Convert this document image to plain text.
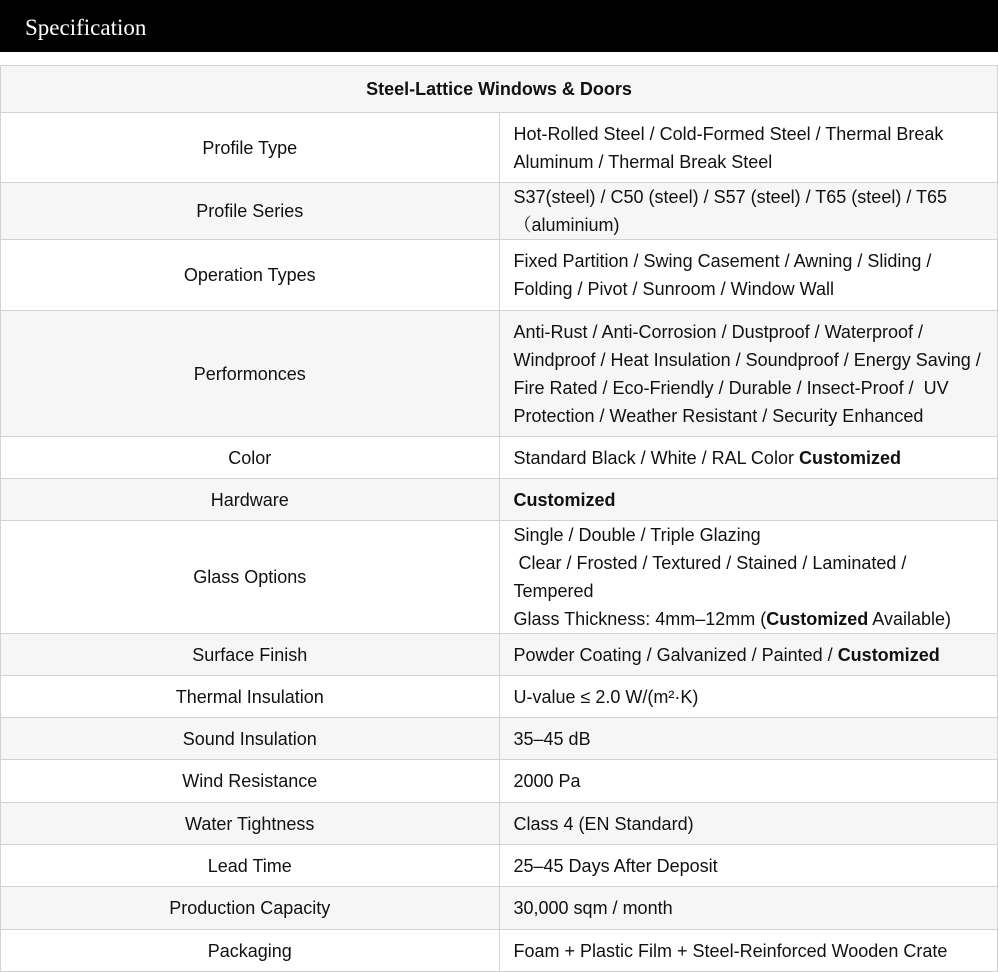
Specification
Steel-Lattice Windows & Doors	
Profile Type	Hot-Rolled Steel / Cold-Formed Steel / Thermal Break Aluminum / Thermal Break Steel
Profile Series	S37(steel) / C50 (steel) / S57 (steel) / T65 (steel) / T65（aluminium)
Operation Types	Fixed Partition / Swing Casement / Awning / Sliding / Folding / Pivot / Sunroom / Window Wall
Performonces	Anti-Rust / Anti-Corrosion / Dustproof / Waterproof / Windproof / Heat Insulation / Soundproof / Energy Saving / Fire Rated / Eco-Friendly / Durable / Insect-Proof /  UV Protection / Weather Resistant / Security Enhanced
Color	Standard Black / White / RAL Color Customized
Hardware	Customized
Glass Options	Single / Double / Triple Glazing
Clear / Frosted / Textured / Stained / Laminated / Tempered
Glass Thickness: 4mm–12mm (Customized Available)

Surface Finish	Powder Coating / Galvanized / Painted / Customized
Thermal Insulation	U-value ≤ 2.0 W/(m²·K)
Sound Insulation	35–45 dB
Wind Resistance	2000 Pa
Water Tightness	Class 4 (EN Standard)
Lead Time	25–45 Days After Deposit
Production Capacity	30,000 sqm / month
Packaging	Foam + Plastic Film + Steel-Reinforced Wooden Crate
